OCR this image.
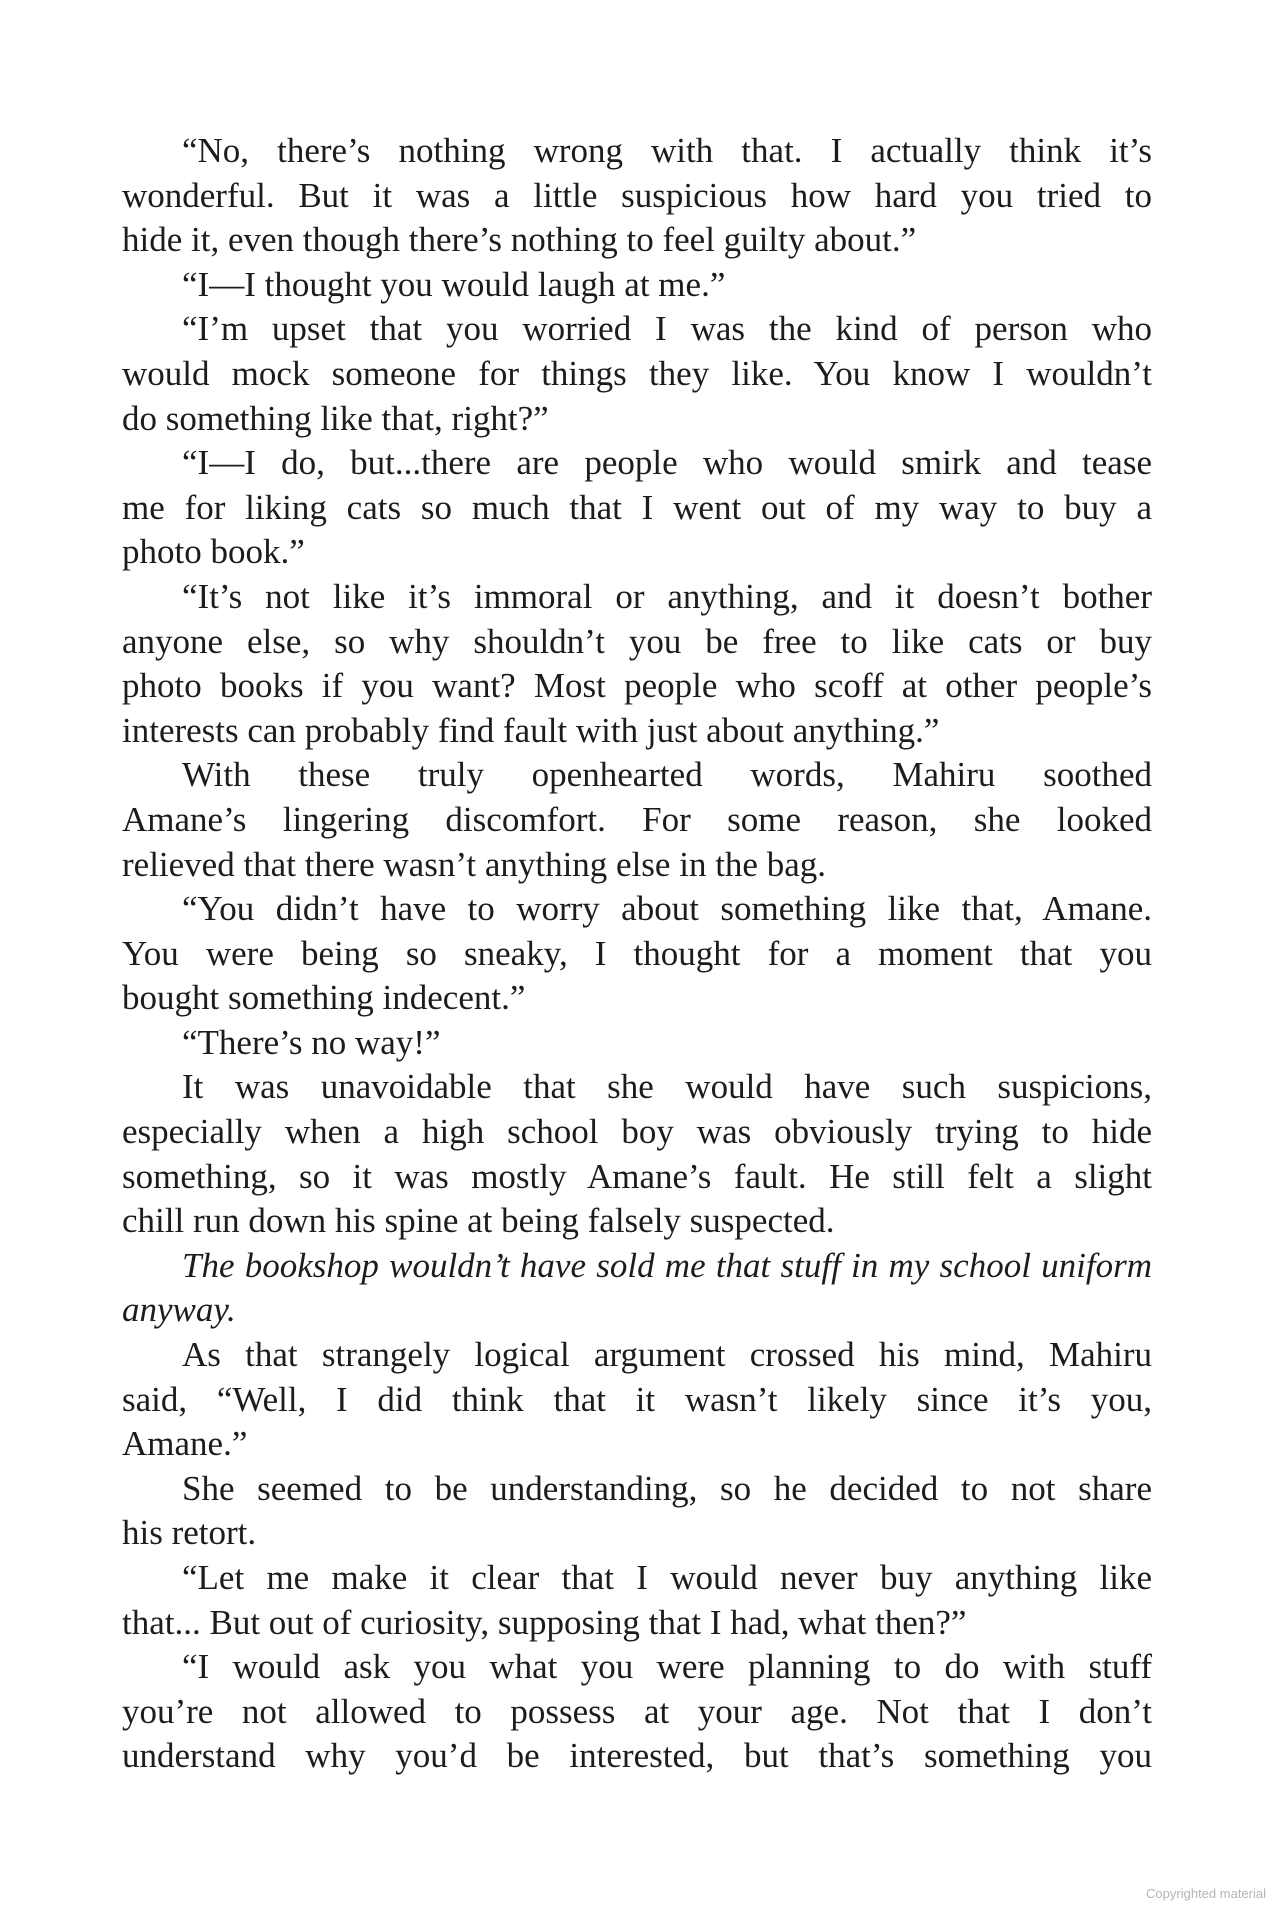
“No, there’s nothing wrong with that. I actually think it’s
wonderful. But it was a little suspicious how hard you tried to
hide it, even though there’s nothing to feel guilty about.”
“I—I thought you would laugh at me.”
“I’m upset that you worried I was the kind of person who
would mock someone for things they like. You know I wouldn’t
do something like that, right?”
“I—I do, but...there are people who would smirk and tease
me for liking cats so much that I went out of my way to buy a
photo book.”
“It’s not like it’s immoral or anything, and it doesn’t bother
anyone else, so why shouldn’t you be free to like cats or buy
photo books if you want? Most people who scoff at other people’s
interests can probably find fault with just about anything.”
With these truly openhearted words, Mahiru soothed
Amane’s lingering discomfort. For some reason, she looked
relieved that there wasn’t anything else in the bag.
“You didn’t have to worry about something like that, Amane.
You were being so sneaky, I thought for a moment that you
bought something indecent.”
“There’s no way!”
It was unavoidable that she would have such suspicions,
especially when a high school boy was obviously trying to hide
something, so it was mostly Amane’s fault. He still felt a slight
chill run down his spine at being falsely suspected.
The bookshop wouldn’t have sold me that stuff in my school uniform
anyway.
As that strangely logical argument crossed his mind, Mahiru
said, “Well, I did think that it wasn’t likely since it’s you,
Amane.”
She seemed to be understanding, so he decided to not share
his retort.
“Let me make it clear that I would never buy anything like
that... But out of curiosity, supposing that I had, what then?”
“I would ask you what you were planning to do with stuff
you’re not allowed to possess at your age. Not that I don’t
understand why you’d be interested, but that’s something you
Copyrighted material
